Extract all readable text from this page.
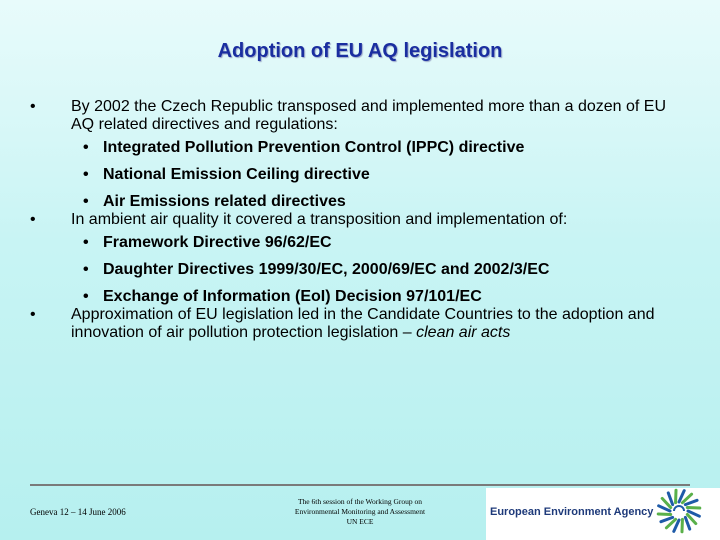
Adoption of EU AQ legislation
•	By 2002 the Czech Republic transposed and implemented more than a dozen of EU AQ related directives and regulations:
• Integrated Pollution Prevention Control (IPPC) directive
• National Emission Ceiling directive
• Air Emissions related directives
•	In ambient air quality it covered a transposition and implementation of:
• Framework Directive 96/62/EC
• Daughter Directives 1999/30/EC, 2000/69/EC and 2002/3/EC
• Exchange of Information (EoI) Decision 97/101/EC
•	Approximation of EU legislation led in the Candidate Countries to the adoption and innovation of air pollution protection legislation – clean air acts
Geneva 12 – 14 June 2006
The 6th session of the Working Group on
Environmental Monitoring and Assessment
UN ECE
European Environment Agency
